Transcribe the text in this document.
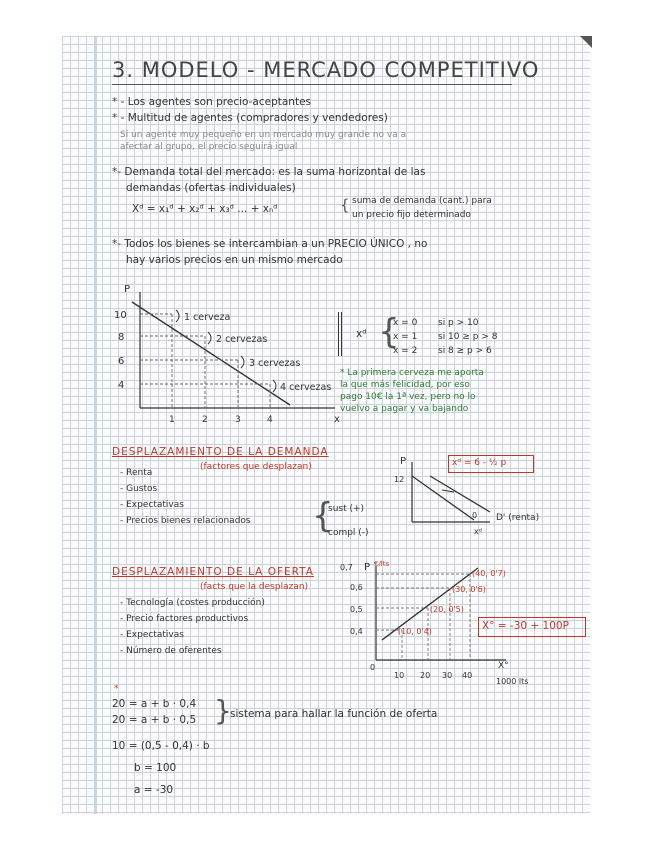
3. MODELO - MERCADO COMPETITIVO
* - Los agentes son precio-aceptantes
* - Multitud de agentes (compradores y vendedores)
Si un agente muy pequeño en un mercado muy grande no va a
afectar al grupo, el precio seguirá igual
*- Demanda total del mercado: es la suma horizontal de las
demandas (ofertas individuales)
Xᵈ = x₁ᵈ + x₂ᵈ + x₃ᵈ ... + xₙᵈ	{ suma de demanda (cant.) para
un precio fijo determinado
*- Todos los bienes se intercambian a un PRECIO ÚNICO , no
hay varios precios en un mismo mercado
P
x
10
8
6
4
1	2	3	4
1 cerveza
2 cervezas
3 cervezas
4 cervezas
xᵈ {
x = 0 si p > 10
x = 1 si 10 ≥ p > 8
x = 2 si 8 ≥ p > 6
* La primera cerveza me aporta
la que más felicidad, por eso
pago 10€ la 1ª vez, pero no lo
vuelvo a pagar y va bajando
DESPLAZAMIENTO DE LA DEMANDA
(factores que desplazan)
- Renta
- Gustos
- Expectativas
- Precios bienes relacionados {
sust (+)
compl (-)
P
12
0
xᵈ
D' (renta)
xᵈ = 6 - ½ p
DESPLAZAMIENTO DE LA OFERTA
(facts que la desplazan)
- Tecnología (costes producción)
- Precio factores productivos
- Expectativas
- Número de oferentes
P
0,7	€/lts
0,6
0,5
0,4
0
10 20 30 40
X°
1000 lts
(40, 0'7)
(30, 0'6)
(20, 0'5)
(10, 0'4)	X° = -30 + 100P
*
20 = a + b · 0,4
20 = a + b · 0,5 }
sistema para hallar la función de oferta
10 = (0,5 - 0,4) · b
b = 100
a = -30
